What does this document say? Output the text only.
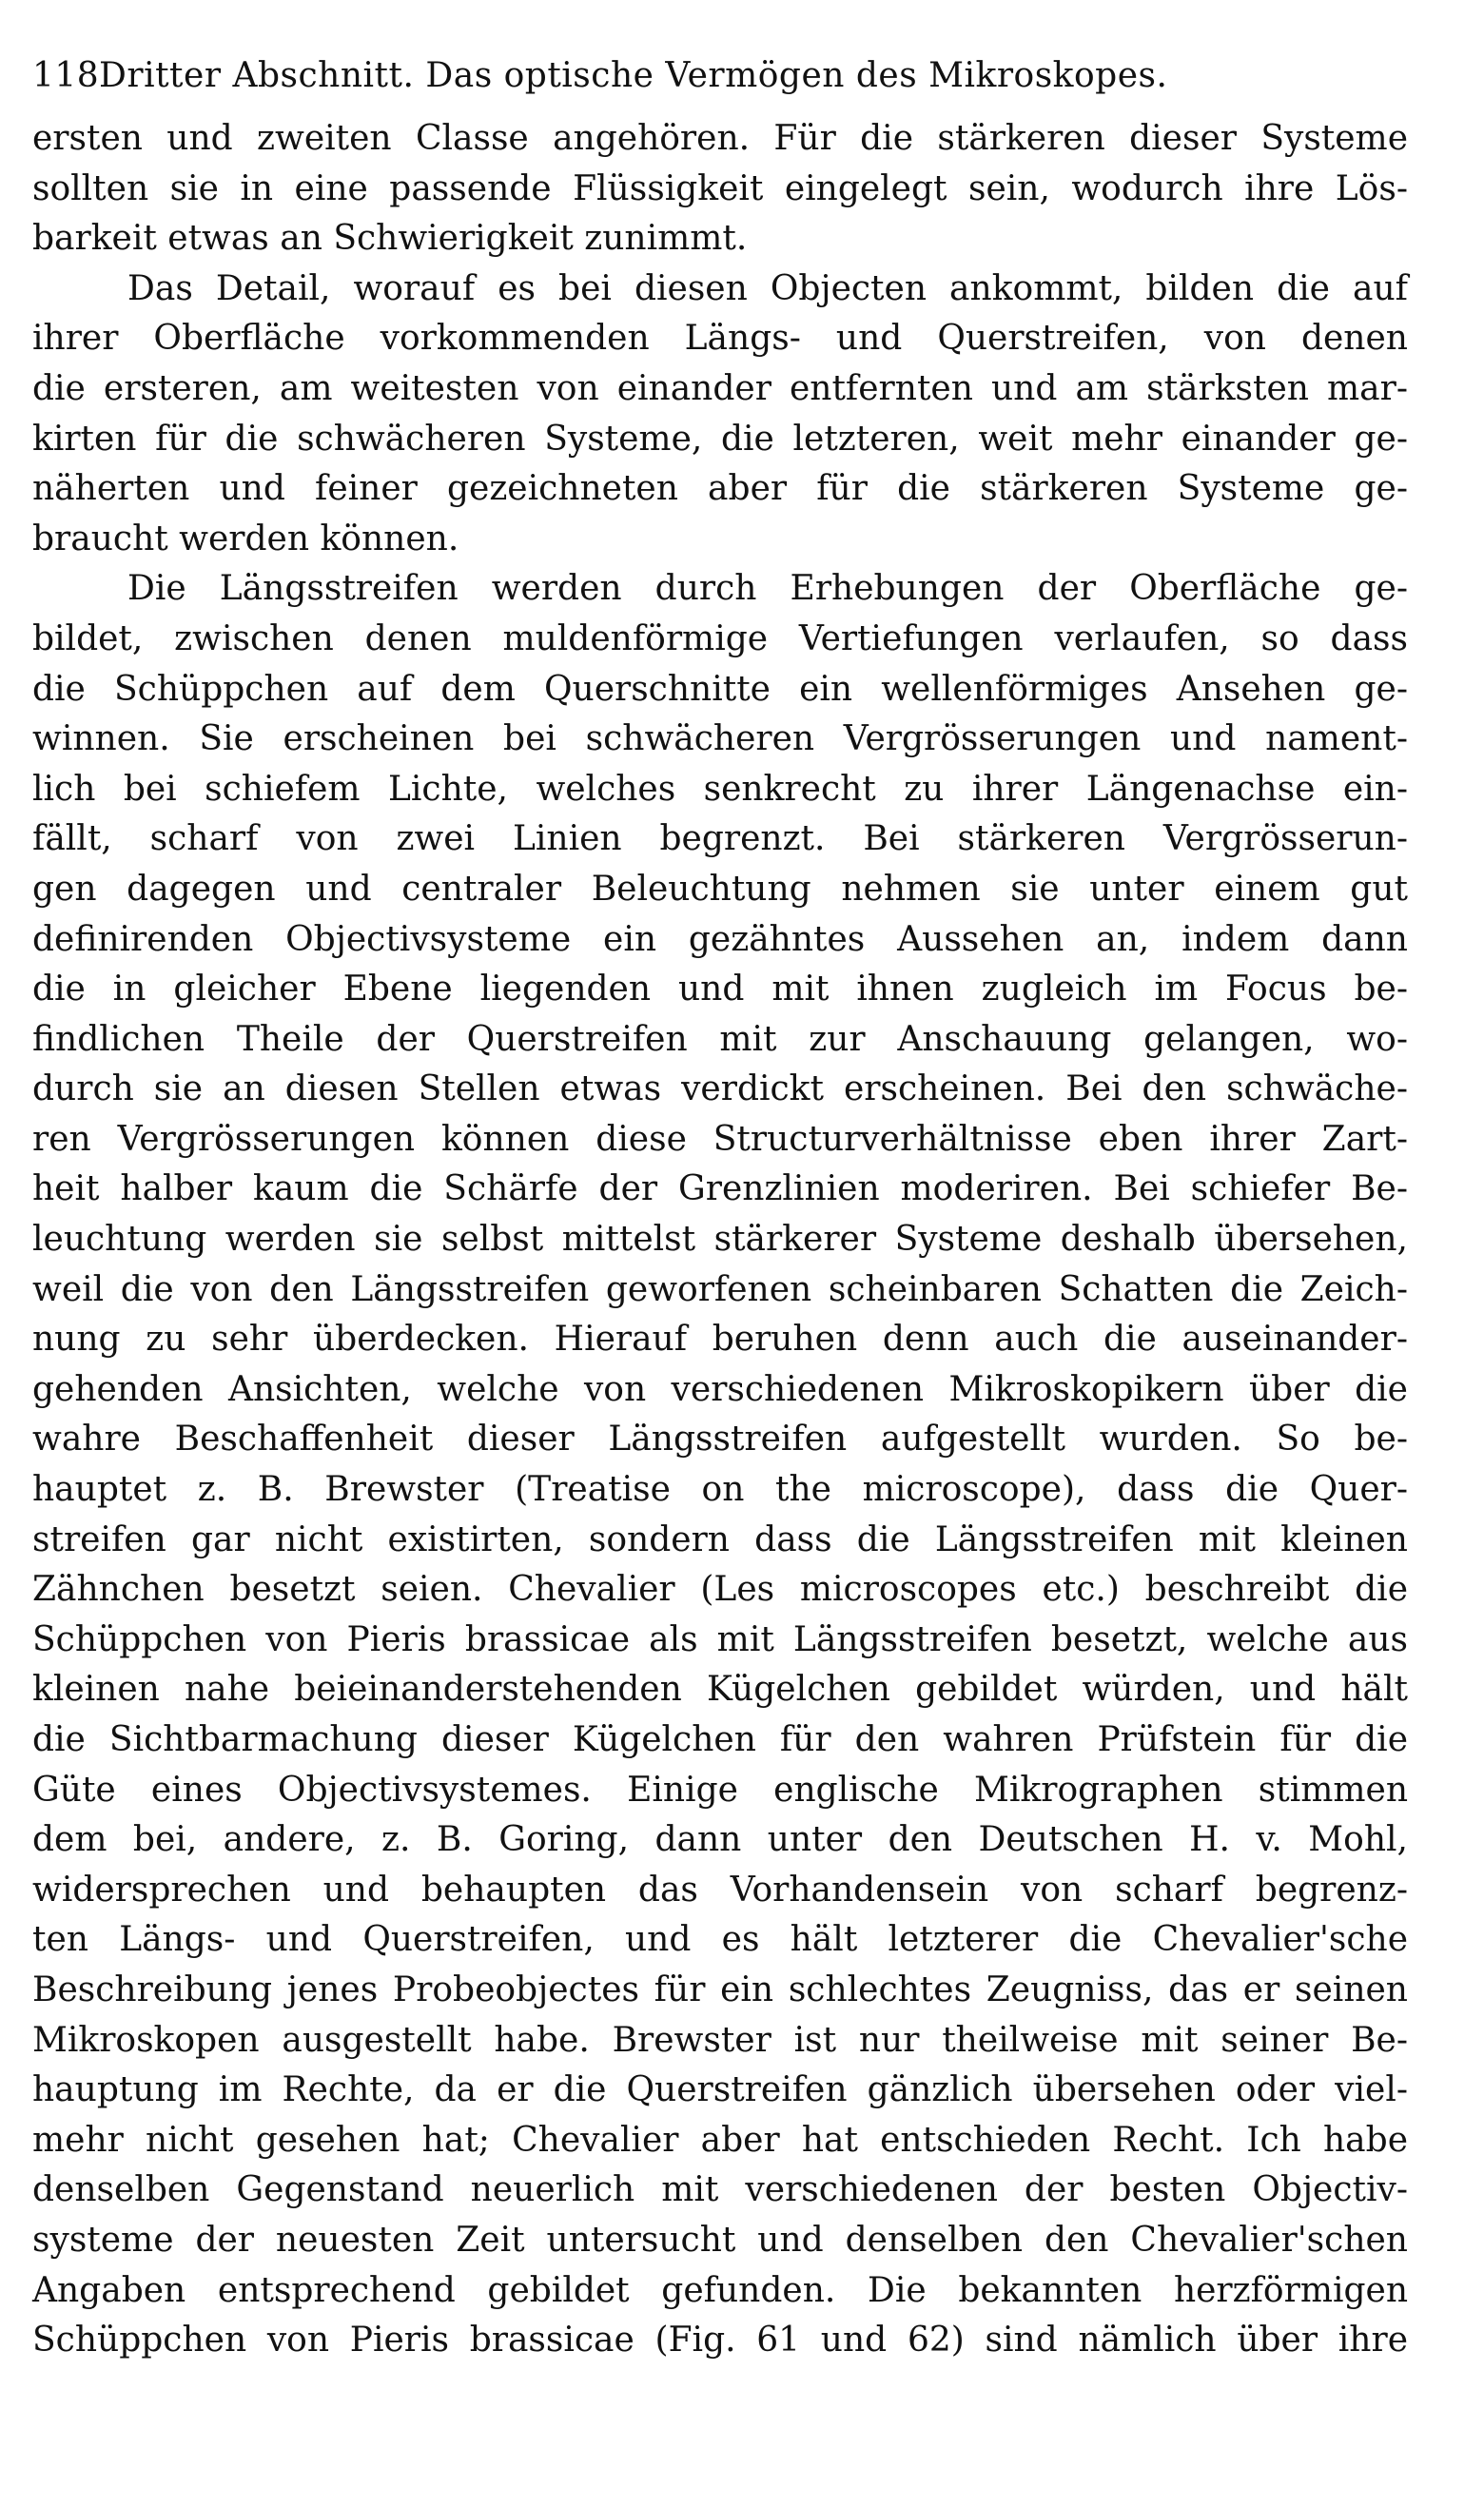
118Dritter Abschnitt. Das optische Vermögen des Mikroskopes.
ersten und zweiten Classe angehören. Für die stärkeren dieser Systeme
sollten sie in eine passende Flüssigkeit eingelegt sein, wodurch ihre Lös-
barkeit etwas an Schwierigkeit zunimmt.
Das Detail, worauf es bei diesen Objecten ankommt, bilden die auf
ihrer Oberfläche vorkommenden Längs- und Querstreifen, von denen
die ersteren, am weitesten von einander entfernten und am stärksten mar-
kirten für die schwächeren Systeme, die letzteren, weit mehr einander ge-
näherten und feiner gezeichneten aber für die stärkeren Systeme ge-
braucht werden können.
Die Längsstreifen werden durch Erhebungen der Oberfläche ge-
bildet, zwischen denen muldenförmige Vertiefungen verlaufen, so dass
die Schüppchen auf dem Querschnitte ein wellenförmiges Ansehen ge-
winnen. Sie erscheinen bei schwächeren Vergrösserungen und nament-
lich bei schiefem Lichte, welches senkrecht zu ihrer Längenachse ein-
fällt, scharf von zwei Linien begrenzt. Bei stärkeren Vergrösserun-
gen dagegen und centraler Beleuchtung nehmen sie unter einem gut
definirenden Objectivsysteme ein gezähntes Aussehen an, indem dann
die in gleicher Ebene liegenden und mit ihnen zugleich im Focus be-
findlichen Theile der Querstreifen mit zur Anschauung gelangen, wo-
durch sie an diesen Stellen etwas verdickt erscheinen. Bei den schwäche-
ren Vergrösserungen können diese Structurverhältnisse eben ihrer Zart-
heit halber kaum die Schärfe der Grenzlinien moderiren. Bei schiefer Be-
leuchtung werden sie selbst mittelst stärkerer Systeme deshalb übersehen,
weil die von den Längsstreifen geworfenen scheinbaren Schatten die Zeich-
nung zu sehr überdecken. Hierauf beruhen denn auch die auseinander-
gehenden Ansichten, welche von verschiedenen Mikroskopikern über die
wahre Beschaffenheit dieser Längsstreifen aufgestellt wurden. So be-
hauptet z. B. Brewster (Treatise on the microscope), dass die Quer-
streifen gar nicht existirten, sondern dass die Längsstreifen mit kleinen
Zähnchen besetzt seien. Chevalier (Les microscopes etc.) beschreibt die
Schüppchen von Pieris brassicae als mit Längsstreifen besetzt, welche aus
kleinen nahe beieinanderstehenden Kügelchen gebildet würden, und hält
die Sichtbarmachung dieser Kügelchen für den wahren Prüfstein für die
Güte eines Objectivsystemes. Einige englische Mikrographen stimmen
dem bei, andere, z. B. Goring, dann unter den Deutschen H. v. Mohl,
widersprechen und behaupten das Vorhandensein von scharf begrenz-
ten Längs- und Querstreifen, und es hält letzterer die Chevalier'sche
Beschreibung jenes Probeobjectes für ein schlechtes Zeugniss, das er seinen
Mikroskopen ausgestellt habe. Brewster ist nur theilweise mit seiner Be-
hauptung im Rechte, da er die Querstreifen gänzlich übersehen oder viel-
mehr nicht gesehen hat; Chevalier aber hat entschieden Recht. Ich habe
denselben Gegenstand neuerlich mit verschiedenen der besten Objectiv-
systeme der neuesten Zeit untersucht und denselben den Chevalier'schen
Angaben entsprechend gebildet gefunden. Die bekannten herzförmigen
Schüppchen von Pieris brassicae (Fig. 61 und 62) sind nämlich über ihre
